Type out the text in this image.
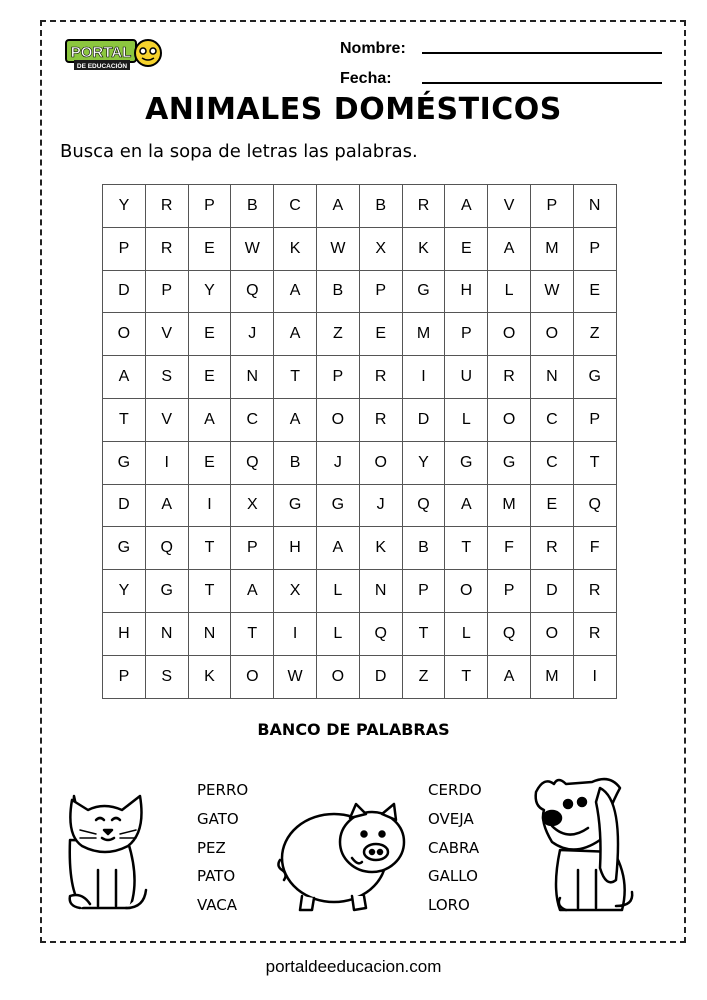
PORTAL
DE EDUCACIÓN
Nombre:
Fecha:
ANIMALES DOMÉSTICOS
Busca en la sopa de letras las palabras.
Y	R	P	B	C	A	B	R	A	V	P	N
P	R	E	W	K	W	X	K	E	A	M	P
D	P	Y	Q	A	B	P	G	H	L	W	E
O	V	E	J	A	Z	E	M	P	O	O	Z
A	S	E	N	T	P	R	I	U	R	N	G
T	V	A	C	A	O	R	D	L	O	C	P
G	I	E	Q	B	J	O	Y	G	G	C	T
D	A	I	X	G	G	J	Q	A	M	E	Q
G	Q	T	P	H	A	K	B	T	F	R	F
Y	G	T	A	X	L	N	P	O	P	D	R
H	N	N	T	I	L	Q	T	L	Q	O	R
P	S	K	O	W	O	D	Z	T	A	M	I
BANCO DE PALABRAS
PERRO
GATO
PEZ
PATO
VACA
CERDO
OVEJA
CABRA
GALLO
LORO
portaldeeducacion.com
